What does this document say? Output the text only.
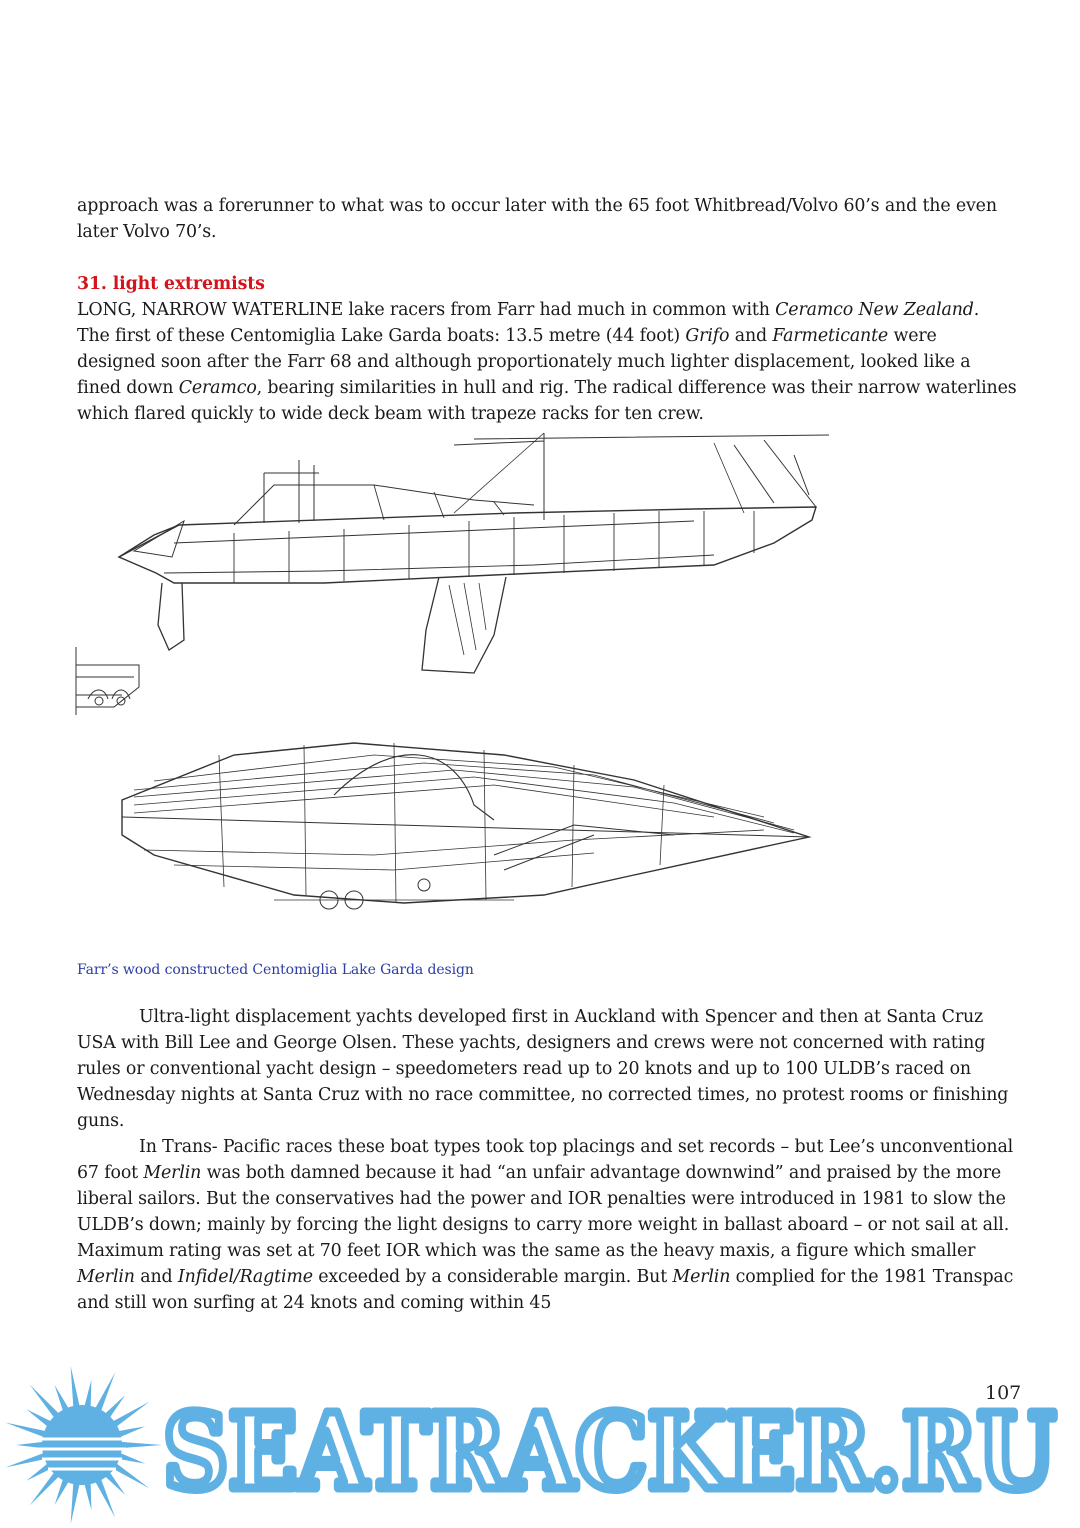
approach was a forerunner to what was to occur later with the 65 foot Whitbread/Volvo 60’s and the even later Volvo 70’s.

31. light extremists

LONG, NARROW WATERLINE lake racers from Farr had much in common with Ceramco New Zealand. The first of these Centomiglia Lake Garda boats: 13.5 metre (44 foot) Grifo and Farmeticante were designed soon after the Farr 68 and although proportionately much lighter displacement, looked like a fined down Ceramco, bearing similarities in hull and rig. The radical difference was their narrow waterlines which flared quickly to wide deck beam with trapeze racks for ten crew.

Farr’s wood constructed Centomiglia Lake Garda design

Ultra-light displacement yachts developed first in Auckland with Spencer and then at Santa Cruz USA with Bill Lee and George Olsen. These yachts, designers and crews were not concerned with rating rules or conventional yacht design – speedometers read up to 20 knots and up to 100 ULDB’s raced on Wednesday nights at Santa Cruz with no race committee, no corrected times, no protest rooms or finishing guns.

In Trans- Pacific races these boat types took top placings and set records – but Lee’s unconventional 67 foot Merlin was both damned because it had “an unfair advantage downwind” and praised by the more liberal sailors. But the conservatives had the power and IOR penalties were introduced in 1981 to slow the ULDB’s down; mainly by forcing the light designs to carry more weight in ballast aboard – or not sail at all. Maximum rating was set at 70 feet IOR which was the same as the heavy maxis, a figure which smaller Merlin and Infidel/Ragtime exceeded by a considerable margin. But Merlin complied for the 1981 Transpac and still won surfing at 24 knots and coming within 45

107
SEATRACKER.RU
